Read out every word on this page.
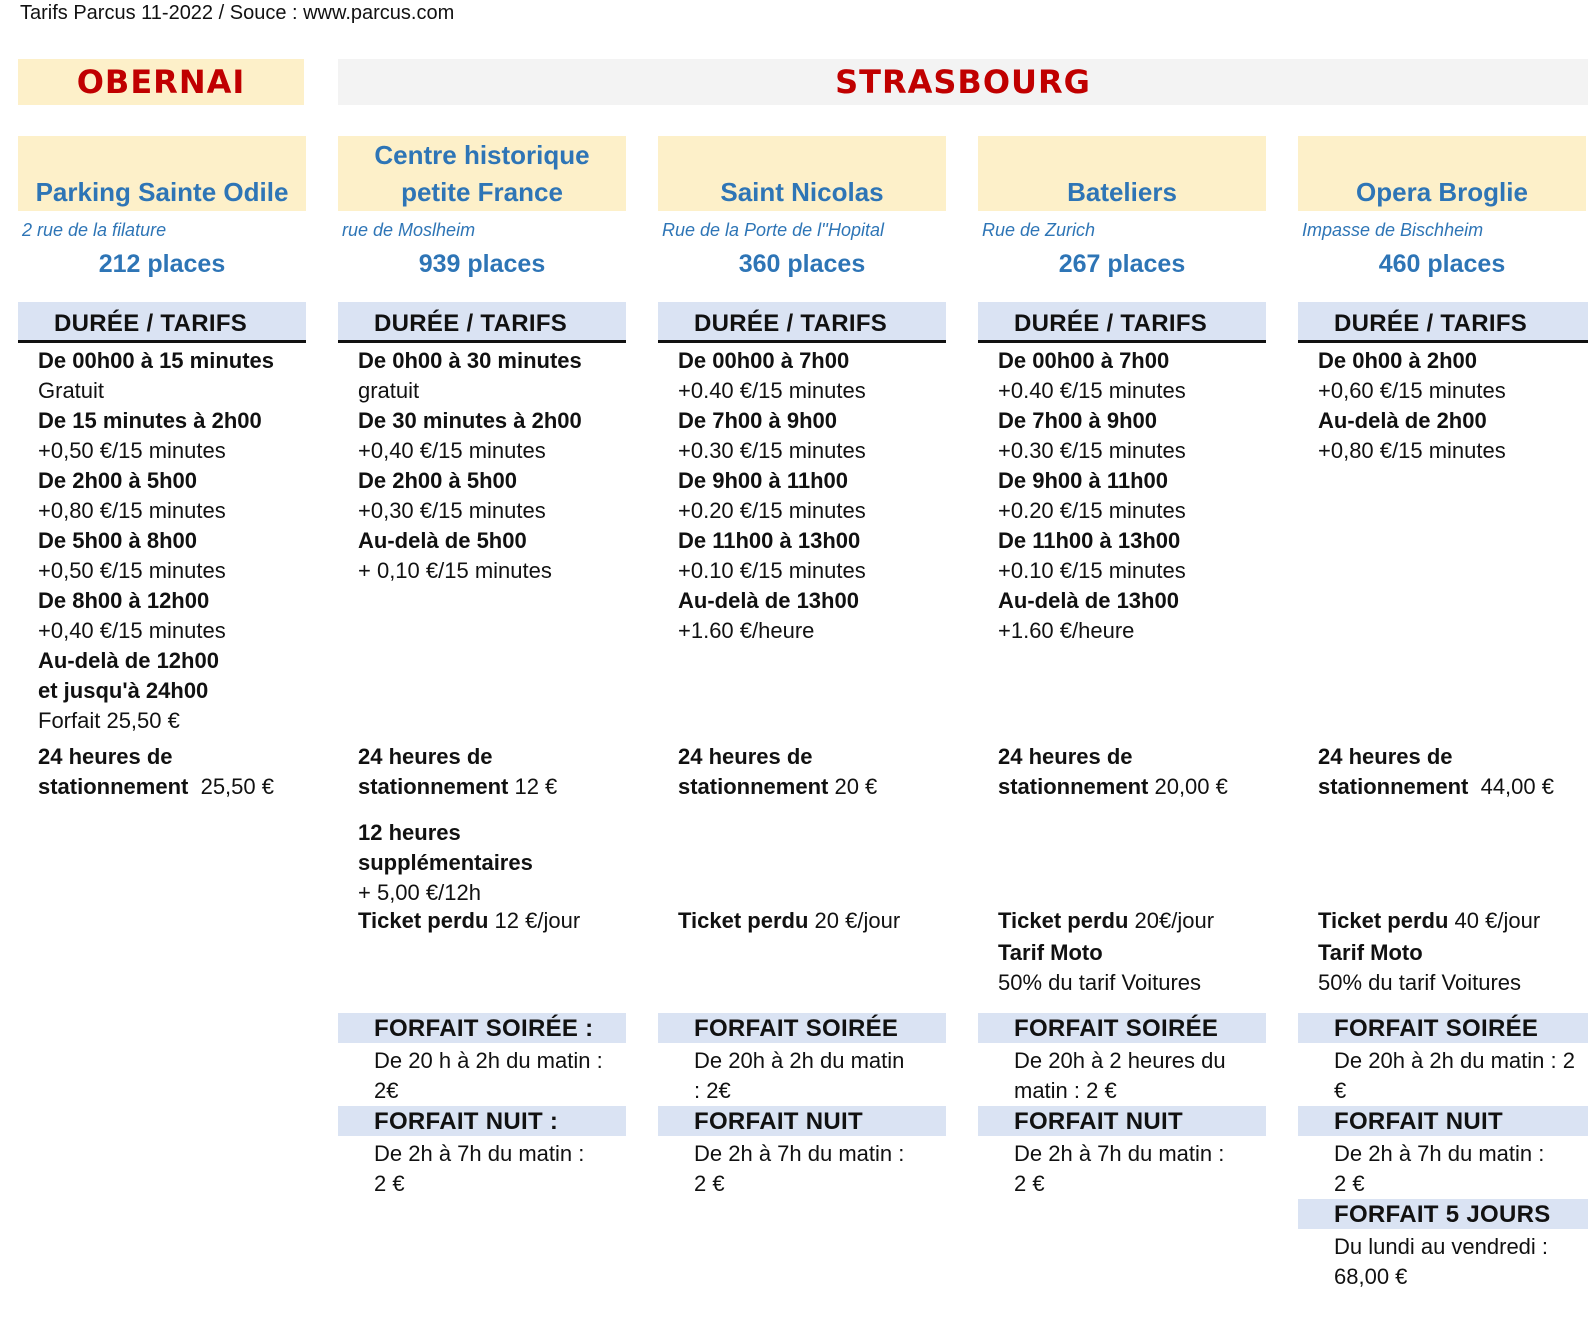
Tarifs Parcus 11-2022 / Souce : www.parcus.com
OBERNAI	STRASBOURG
Parking Sainte Odile
2 rue de la filature
212 places
DURÉE / TARIFS
De 00h00 à 15 minutes
Gratuit
De 15 minutes à 2h00
+0,50 €/15 minutes
De 2h00 à 5h00
+0,80 €/15 minutes
De 5h00 à 8h00
+0,50 €/15 minutes
De 8h00 à 12h00
+0,40 €/15 minutes
Au-delà de 12h00
et jusqu'à 24h00
Forfait 25,50 €
24 heures de
stationnement  25,50 €
Centre historique
petite France
rue de Moslheim
939 places
DURÉE / TARIFS
De 0h00 à 30 minutes
gratuit
De 30 minutes à 2h00
+0,40 €/15 minutes
De 2h00 à 5h00
+0,30 €/15 minutes
Au-delà de 5h00
+ 0,10 €/15 minutes
24 heures de
stationnement 12 €
12 heures
supplémentaires
+ 5,00 €/12h
Ticket perdu 12 €/jour
FORFAIT SOIRÉE :
De 20 h à 2h du matin :
2€
FORFAIT NUIT :
De 2h à 7h du matin :
2 €
Saint Nicolas
Rue de la Porte de l''Hopital
360 places
DURÉE / TARIFS
De 00h00 à 7h00
+0.40 €/15 minutes
De 7h00 à 9h00
+0.30 €/15 minutes
De 9h00 à 11h00
+0.20 €/15 minutes
De 11h00 à 13h00
+0.10 €/15 minutes
Au-delà de 13h00
+1.60 €/heure
24 heures de
stationnement 20 €
Ticket perdu 20 €/jour
FORFAIT SOIRÉE
De 20h à 2h du matin
: 2€
FORFAIT NUIT
De 2h à 7h du matin :
2 €
Bateliers
Rue de Zurich
267 places
DURÉE / TARIFS
De 00h00 à 7h00
+0.40 €/15 minutes
De 7h00 à 9h00
+0.30 €/15 minutes
De 9h00 à 11h00
+0.20 €/15 minutes
De 11h00 à 13h00
+0.10 €/15 minutes
Au-delà de 13h00
+1.60 €/heure
24 heures de
stationnement 20,00 €
Ticket perdu 20€/jour
Tarif Moto
50% du tarif Voitures
FORFAIT SOIRÉE
De 20h à 2 heures du
matin : 2 €
FORFAIT NUIT
De 2h à 7h du matin :
2 €
Opera Broglie
Impasse de Bischheim
460 places
DURÉE / TARIFS
De 0h00 à 2h00
+0,60 €/15 minutes
Au-delà de 2h00
+0,80 €/15 minutes
24 heures de
stationnement  44,00 €
Ticket perdu 40 €/jour
Tarif Moto
50% du tarif Voitures
FORFAIT SOIRÉE
De 20h à 2h du matin : 2
€
FORFAIT NUIT
De 2h à 7h du matin :
2 €
FORFAIT 5 JOURS
Du lundi au vendredi :
68,00 €
